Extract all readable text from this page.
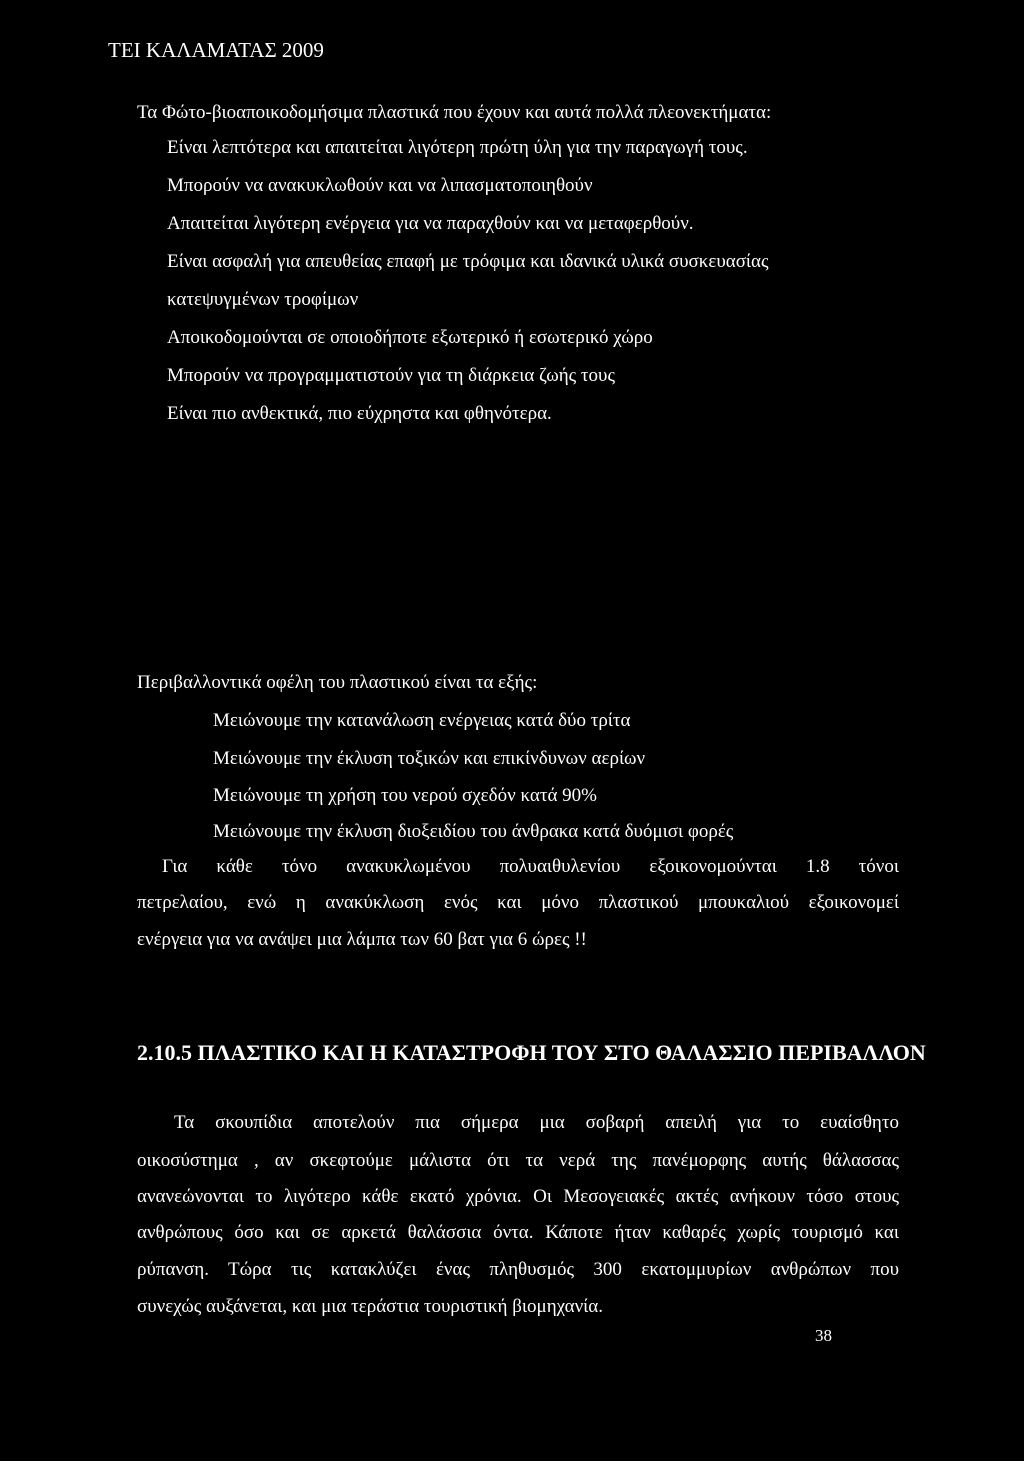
ΤΕΙ ΚΑΛΑΜΑΤΑΣ 2009
Τα Φώτο-βιοαποικοδομήσιμα πλαστικά που έχουν και αυτά πολλά πλεονεκτήματα:
Είναι λεπτότερα και απαιτείται λιγότερη πρώτη ύλη για την παραγωγή τους.
Μπορούν να ανακυκλωθούν και να λιπασματοποιηθούν
Απαιτείται λιγότερη ενέργεια για να παραχθούν και να μεταφερθούν.
Είναι ασφαλή για απευθείας επαφή με τρόφιμα και ιδανικά υλικά συσκευασίας
κατεψυγμένων τροφίμων
Αποικοδομούνται σε οποιοδήποτε εξωτερικό ή εσωτερικό χώρο
Μπορούν να προγραμματιστούν για τη διάρκεια ζωής τους
Είναι πιο ανθεκτικά, πιο εύχρηστα και φθηνότερα.
Περιβαλλοντικά οφέλη του πλαστικού είναι τα εξής:
Μειώνουμε την κατανάλωση ενέργειας κατά δύο τρίτα
Μειώνουμε την έκλυση τοξικών και επικίνδυνων αερίων
Μειώνουμε τη χρήση του νερού σχεδόν κατά 90%
Μειώνουμε την έκλυση διοξειδίου του άνθρακα κατά δυόμισι φορές
Για κάθε τόνο ανακυκλωμένου πολυαιθυλενίου εξοικονομούνται 1.8 τόνοι
πετρελαίου, ενώ η ανακύκλωση ενός και μόνο πλαστικού μπουκαλιού εξοικονομεί
ενέργεια για να ανάψει μια λάμπα των 60 βατ για 6 ώρες !!
2.10.5 ΠΛΑΣΤΙΚΟ ΚΑΙ Η ΚΑΤΑΣΤΡΟΦΗ ΤΟΥ ΣΤΟ ΘΑΛΑΣΣΙΟ ΠΕΡΙΒΑΛΛΟΝ
Τα σκουπίδια αποτελούν πια σήμερα μια σοβαρή απειλή για το ευαίσθητο
οικοσύστημα , αν σκεφτούμε μάλιστα ότι τα νερά της πανέμορφης αυτής θάλασσας
ανανεώνονται το λιγότερο κάθε εκατό χρόνια. Οι Μεσογειακές ακτές ανήκουν τόσο στους
ανθρώπους όσο και σε αρκετά θαλάσσια όντα. Κάποτε ήταν καθαρές χωρίς τουρισμό και
ρύπανση. Τώρα τις κατακλύζει ένας πληθυσμός 300 εκατομμυρίων ανθρώπων που
συνεχώς αυξάνεται, και μια τεράστια τουριστική βιομηχανία.
38
